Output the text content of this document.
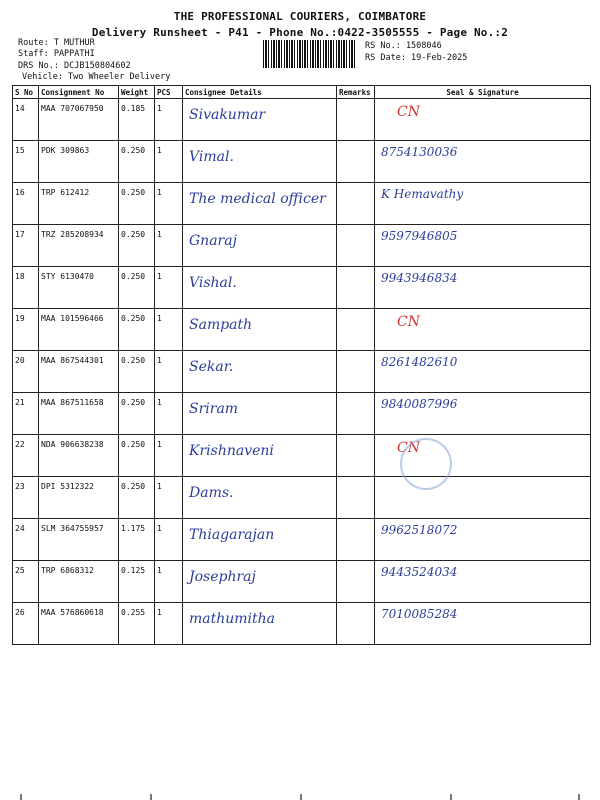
THE PROFESSIONAL COURIERS, COIMBATORE
Delivery Runsheet - P41 - Phone No.:0422-3505555 - Page No.:2
Route: T MUTHUR
Staff: PAPPATHI
DRS No.: DCJB150804602
Vehicle: Two Wheeler Delivery
RS No.: 1508046
RS Date: 19-Feb-2025
S No	Consignment No	Weight	PCS	Consignee Details	Remarks	Seal & Signature
14	MAA 707067950	0.185	1	Sivakumar		CN
15	PDK 309863	0.250	1	Vimal.		8754130036

16	TRP 612412	0.250	1	The medical officer		K Hemavathy

17	TRZ 285208934	0.250	1	Gnaraj		9597946805

18	STY 6130470	0.250	1	Vishal.		9943946834

19	MAA 101596466	0.250	1	Sampath		CN
20	MAA 867544301	0.250	1	Sekar.		8261482610

21	MAA 867511658	0.250	1	Sriram		9840087996

22	NDA 906638238	0.250	1	Krishnaveni		CN
23	DPI 5312322	0.250	1	Dams.		

24	SLM 364755957	1.175	1	Thiagarajan		9962518072

25	TRP 6868312	0.125	1	Josephraj		9443524034

26	MAA 576860618	0.255	1	mathumitha		7010085284
